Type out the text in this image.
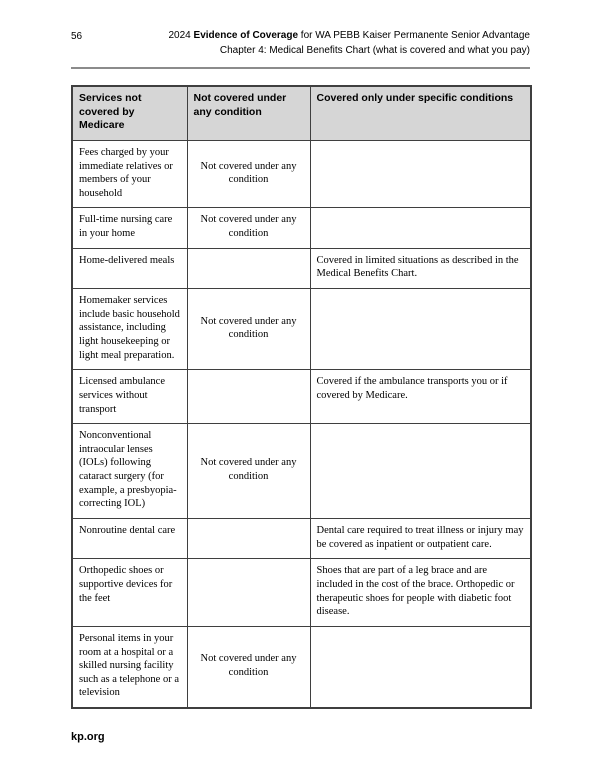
56	2024 Evidence of Coverage for WA PEBB Kaiser Permanente Senior Advantage
Chapter 4: Medical Benefits Chart (what is covered and what you pay)
Services not covered by Medicare	Not covered under any condition	Covered only under specific conditions
Fees charged by your immediate relatives or members of your household	Not covered under any condition	
Full-time nursing care in your home	Not covered under any condition	
Home-delivered meals		Covered in limited situations as described in the Medical Benefits Chart.
Homemaker services include basic household assistance, including light housekeeping or light meal preparation.	Not covered under any condition	
Licensed ambulance services without transport		Covered if the ambulance transports you or if covered by Medicare.
Nonconventional intraocular lenses (IOLs) following cataract surgery (for example, a presbyopia-correcting IOL)	Not covered under any condition	
Nonroutine dental care		Dental care required to treat illness or injury may be covered as inpatient or outpatient care.
Orthopedic shoes or supportive devices for the feet		Shoes that are part of a leg brace and are included in the cost of the brace. Orthopedic or therapeutic shoes for people with diabetic foot disease.
Personal items in your room at a hospital or a skilled nursing facility such as a telephone or a television	Not covered under any condition	
kp.org
